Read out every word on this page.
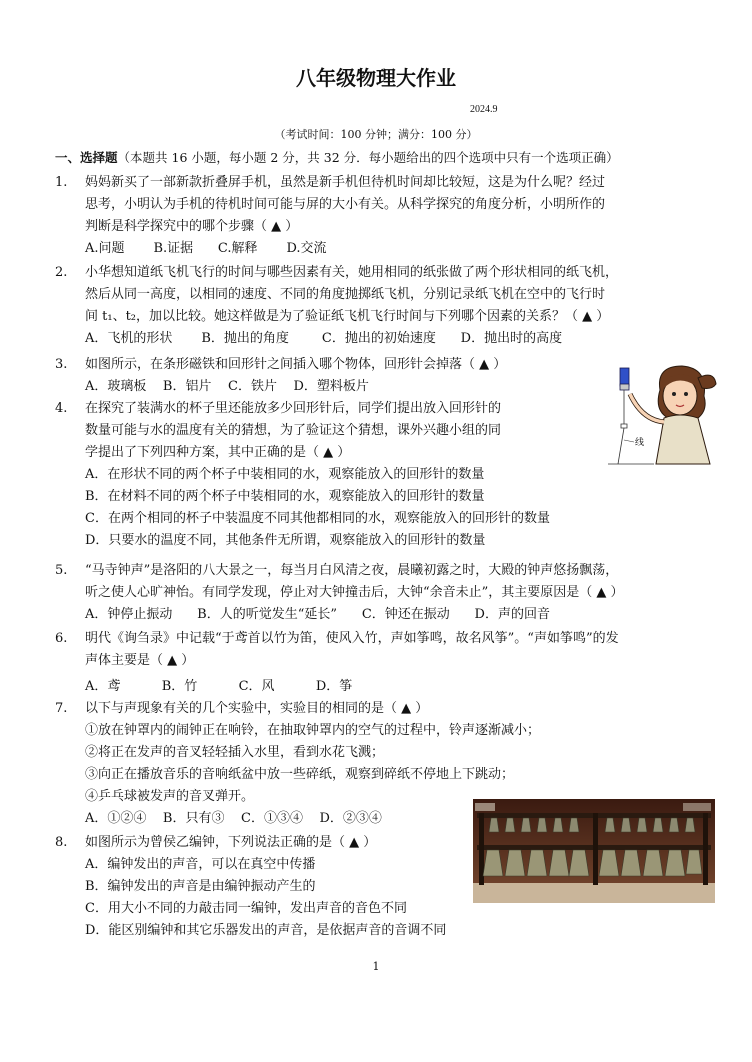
八年级物理大作业
2024.9
（考试时间：100 分钟；满分：100 分）
一、选择题（本题共 16 小题，每小题 2 分，共 32 分．每小题给出的四个选项中只有一个选项正确）
1.	妈妈新买了一部新款折叠屏手机，虽然是新手机但待机时间却比较短，这是为什么呢？经过
思考，小明认为手机的待机时间可能与屏的大小有关。从科学探究的角度分析，小明所作的
判断是科学探究中的哪个步骤（ ▲ ）
A.问题       B.证据      C.解释       D.交流
2.	小华想知道纸飞机飞行的时间与哪些因素有关，她用相同的纸张做了两个形状相同的纸飞机，
然后从同一高度，以相同的速度、不同的角度抛掷纸飞机，分别记录纸飞机在空中的飞行时
间 t₁、t₂，加以比较。她这样做是为了验证纸飞机飞行时间与下列哪个因素的关系？（ ▲ ）
A．飞机的形状       B．抛出的角度        C．抛出的初始速度      D．抛出时的高度
3.	如图所示，在条形磁铁和回形针之间插入哪个物体，回形针会掉落（ ▲ ）
A．玻璃板    B．铝片    C．铁片    D．塑料板片
4.	在探究了装满水的杯子里还能放多少回形针后，同学们提出放入回形针的
数量可能与水的温度有关的猜想，为了验证这个猜想，课外兴趣小组的同
学提出了下列四种方案，其中正确的是（ ▲ ）
A．在形状不同的两个杯子中装相同的水，观察能放入的回形针的数量
B．在材料不同的两个杯子中装相同的水，观察能放入的回形针的数量
C．在两个相同的杯子中装温度不同其他都相同的水，观察能放入的回形针的数量
D．只要水的温度不同，其他条件无所谓，观察能放入的回形针的数量
5.	“马寺钟声”是洛阳的八大景之一，每当月白风清之夜，晨曦初露之时，大殿的钟声悠扬飘荡，
听之使人心旷神怡。有同学发现，停止对大钟撞击后，大钟“余音未止”，其主要原因是（ ▲ ）
A．钟停止振动      B．人的听觉发生“延长”      C．钟还在振动      D．声的回音
6.	明代《询刍录》中记载“于鸢首以竹为笛，使风入竹，声如筝鸣，故名风筝”。“声如筝鸣”的发
声体主要是（ ▲ ）
A．鸢          B．竹          C．风          D．筝
7.	以下与声现象有关的几个实验中，实验目的相同的是（ ▲ ）
①放在钟罩内的闹钟正在响铃，在抽取钟罩内的空气的过程中，铃声逐渐减小；
②将正在发声的音叉轻轻插入水里，看到水花飞溅；
③向正在播放音乐的音响纸盆中放一些碎纸，观察到碎纸不停地上下跳动；
④乒乓球被发声的音叉弹开。
A．①②④    B．只有③    C．①③④    D．②③④
8.	如图所示为曾侯乙编钟，下列说法正确的是（ ▲ ）
A．编钟发出的声音，可以在真空中传播
B．编钟发出的声音是由编钟振动产生的
C．用大小不同的力敲击同一编钟，发出声音的音色不同
D．能区别编钟和其它乐器发出的声音，是依据声音的音调不同
线
1
